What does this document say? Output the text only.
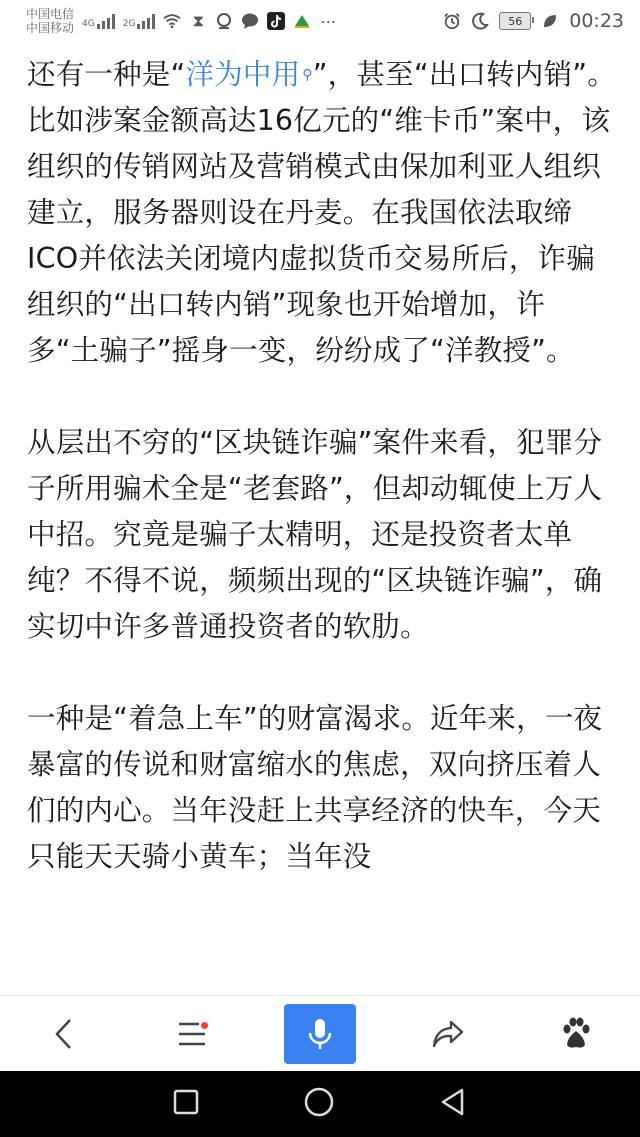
中国电信
中国移动 4G	2G	⧗	⋯	56	00:23

还有一种是“洋为中用 ⚲”，甚至“出口转内销”。比如涉案金额高达16亿元的“维卡币”案中，该组织的传销网站及营销模式由保加利亚人组织建立，服务器则设在丹麦。在我国依法取缔ICO并依法关闭境内虚拟货币交易所后，诈骗组织的“出口转内销”现象也开始增加，许多“土骗子”摇身一变，纷纷成了“洋教授”。

从层出不穷的“区块链诈骗”案件来看，犯罪分子所用骗术全是“老套路”，但却动辄使上万人中招。究竟是骗子太精明，还是投资者太单纯？不得不说，频频出现的“区块链诈骗”，确实切中许多普通投资者的软肋。

一种是“着急上车”的财富渴求。近年来，一夜暴富的传说和财富缩水的焦虑，双向挤压着人们的内心。当年没赶上共享经济的快车，今天只能天天骑小黄车；当年没
